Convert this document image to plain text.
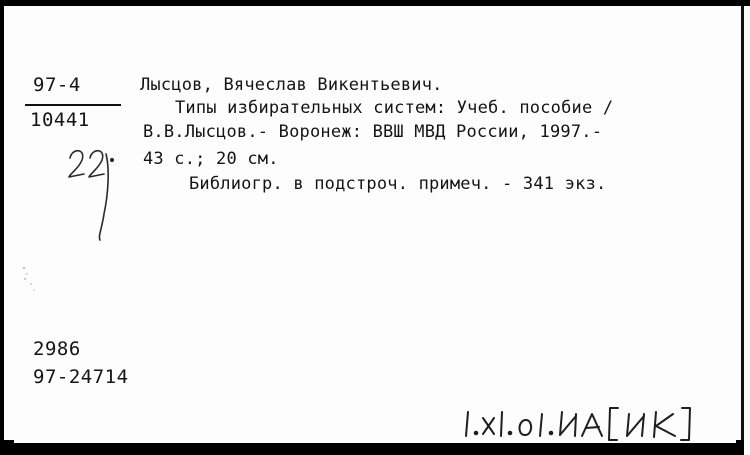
97-4
10441
Лысцов, Вячеслав Викентьевич.
Типы избирательных систем: Учеб. пособие /
В.В.Лысцов.- Воронеж: ВВШ МВД России, 1997.-
43 с.; 20 см.
Библиогр. в подстроч. примеч. - 341 экз.
2986
97-24714
